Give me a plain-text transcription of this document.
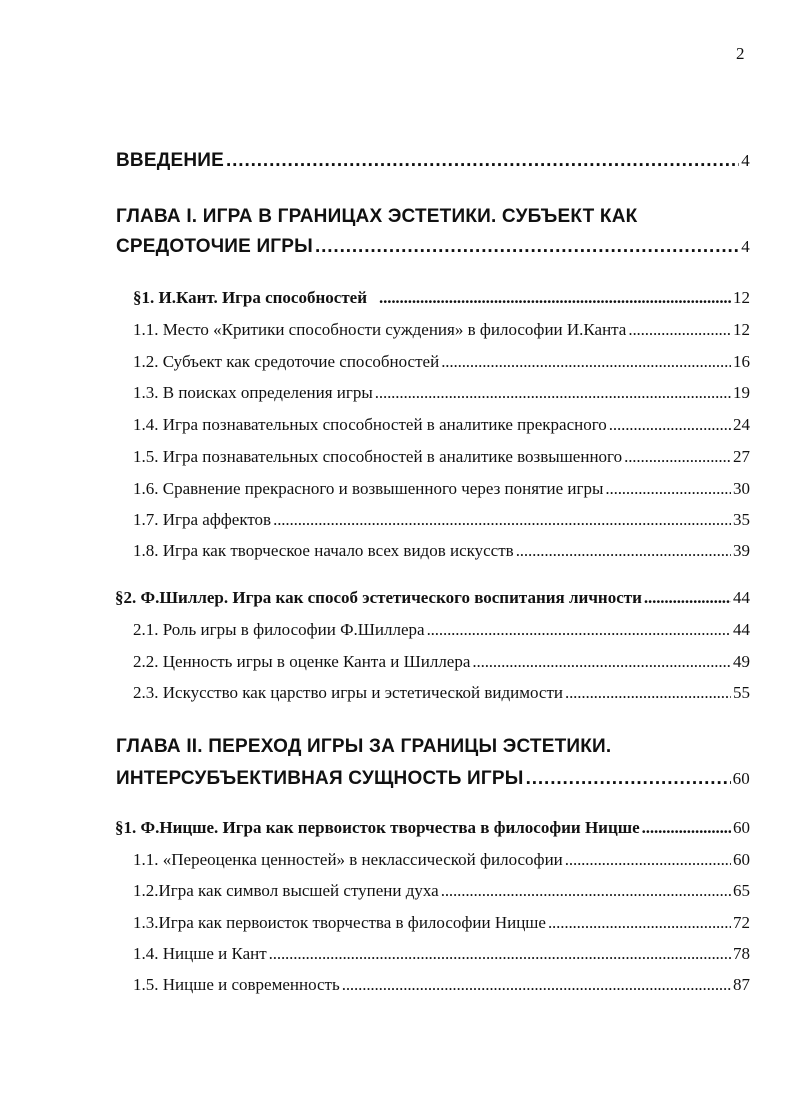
2
ВВЕДЕНИЕ . . .	4
ГЛАВА I. ИГРА В ГРАНИЦАХ ЭСТЕТИКИ. СУБЪЕКТ КАК
СРЕДОТОЧИЕ ИГРЫ . . .	4
§1. И.Кант. Игра способностей . . .	12
1.1. Место «Критики способности суждения» в философии И.Канта . . .	12
1.2. Субъект как средоточие способностей . . .	16
1.3. В поисках определения игры . . .	19
1.4. Игра познавательных способностей в аналитике прекрасного . . .	24
1.5. Игра познавательных способностей в аналитике возвышенного . . .	27
1.6. Сравнение прекрасного и возвышенного через понятие игры . . .	30
1.7. Игра аффектов . . .	35
1.8. Игра как творческое начало всех видов искусств . . .	39
§2. Ф.Шиллер. Игра как способ эстетического воспитания личности . . .	44
2.1. Роль игры в философии Ф.Шиллера . . .	44
2.2. Ценность игры в оценке Канта и Шиллера . . .	49
2.3. Искусство как царство игры и эстетической видимости . . .	55
ГЛАВА II. ПЕРЕХОД ИГРЫ ЗА ГРАНИЦЫ ЭСТЕТИКИ.
ИНТЕРСУБЪЕКТИВНАЯ СУЩНОСТЬ ИГРЫ . . .	60
§1. Ф.Ницше. Игра как первоисток творчества в философии Ницше . . .	60
1.1. «Переоценка ценностей» в неклассической философии . . .	60
1.2.Игра как символ высшей ступени духа . . .	65
1.3.Игра как первоисток творчества в философии Ницше . . .	72
1.4. Ницше и Кант . . .	78
1.5. Ницше и современность . . .	87
